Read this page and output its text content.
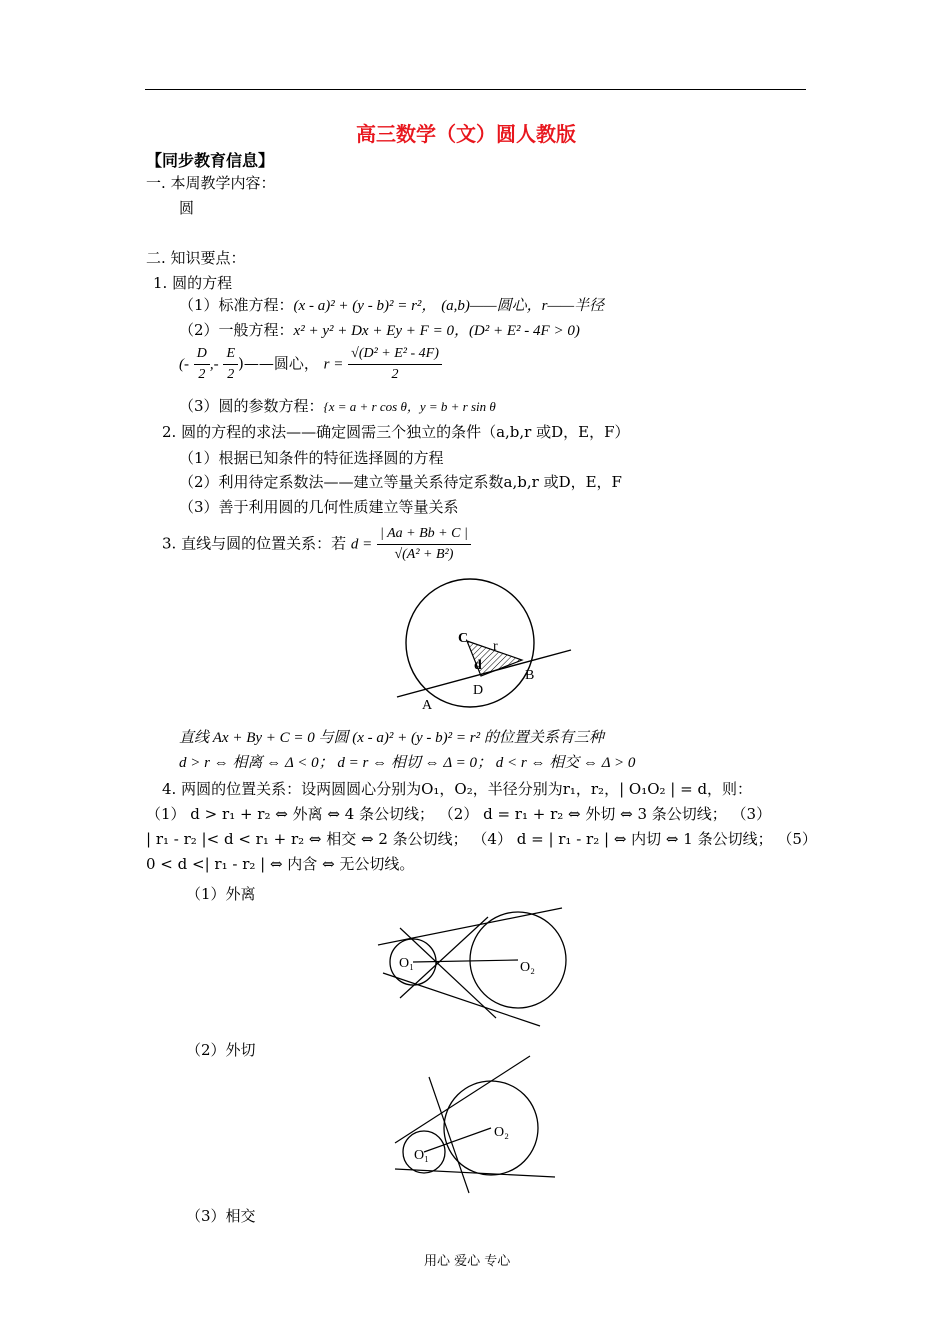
高三数学（文）圆人教版
【同步教育信息】
一. 本周教学内容：
圆
二. 知识要点：
1. 圆的方程
（1）标准方程：(x - a)² + (y - b)² = r²， (a,b)——圆心，r——半径
（2）一般方程：x² + y² + Dx + Ey + F = 0，(D² + E² - 4F > 0)
(- $\frac{D}{2}$ ,- $\frac{E}{2}$ )——圆心， $r = \frac{\text{√(D² + E² - 4F)}}{2}$
（3）圆的参数方程：{x = a + r cos θ，y = b + r sin θ
2. 圆的方程的求法——确定圆需三个独立的条件（a,b,r 或D，E，F）
（1）根据已知条件的特征选择圆的方程
（2）利用待定系数法——建立等量关系待定系数a,b,r 或D，E，F
（3）善于利用圆的几何性质建立等量关系
3. 直线与圆的位置关系：若 $d = \frac{| Aa + Bb + C |}{\text{√(A² + B²)}}$
C
r
d
D
B
A
直线 Ax + By + C = 0 与圆 (x - a)² + (y - b)² = r² 的位置关系有三种
d > r ⇔ 相离 ⇔ Δ < 0； d = r ⇔ 相切 ⇔ Δ = 0； d < r ⇔ 相交 ⇔ Δ > 0
4. 两圆的位置关系：设两圆圆心分别为O₁，O₂，半径分别为r₁，r₂，| O₁O₂ | = d，则：
（1） d > r₁ + r₂ ⇔ 外离 ⇔ 4 条公切线； （2） d = r₁ + r₂ ⇔ 外切 ⇔ 3 条公切线； （3）
| r₁ - r₂ |< d < r₁ + r₂ ⇔ 相交 ⇔ 2 条公切线； （4） d = | r₁ - r₂ | ⇔ 内切 ⇔ 1 条公切线； （5）
0 < d <| r₁ - r₂ | ⇔ 内含 ⇔ 无公切线。
（1）外离
O₁	O₂
（2）外切
O₁
O₂
（3）相交
用心 爱心 专心
